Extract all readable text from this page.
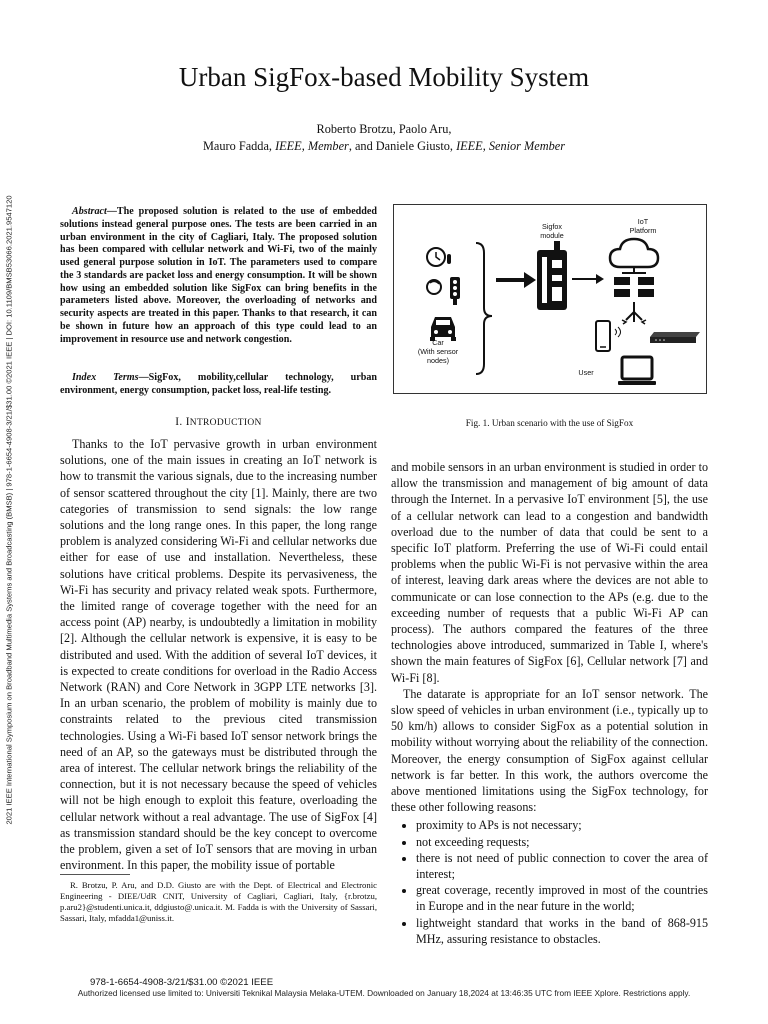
2021 IEEE International Symposium on Broadband Multimedia Systems and Broadcasting (BMSB) | 978-1-6654-4908-3/21/$31.00 ©2021 IEEE | DOI: 10.1109/BMSB53066.2021.9547120
Urban SigFox-based Mobility System
Roberto Brotzu, Paolo Aru,
Mauro Fadda, IEEE, Member, and Daniele Giusto, IEEE, Senior Member

Abstract—The proposed solution is related to the use of embedded solutions instead general purpose ones. The tests are been carried in an urban environment in the city of Cagliari, Italy. The proposed solution has been compared with cellular network and Wi-Fi, two of the mainly used general purpose solution in IoT. The parameters used to compare the 3 standards are packet loss and energy consumption. It will be shown how using an embedded solution like SigFox can bring benefits in the parameters listed above. Moreover, the overloading of networks and security aspects are treated in this paper. Thanks to that research, it can be shown in future how an approach of this type could lead to an improvement in resource use and network congestion.

Index Terms—SigFox, mobility,cellular technology, urban environment, energy consumption, packet loss, real-life testing.

I. INTRODUCTION

Thanks to the IoT pervasive growth in urban environment solutions, one of the main issues in creating an IoT network is how to transmit the various signals, due to the increasing number of sensor scattered throughout the city [1]. Mainly, there are two categories of transmission to send signals: the low range solutions and the long range ones. In this paper, the long range problem is analyzed considering Wi-Fi and cellular networks due either for ease of use and installation. Nevertheless, these solutions have critical problems. Despite its pervasiveness, the Wi-Fi has security and privacy related weak spots. Furthermore, the limited range of coverage together with the need for an access point (AP) nearby, is undoubtedly a limitation in mobility [2]. Although the cellular network is expensive, it is easy to be distributed and used. With the addition of several IoT devices, it is expected to create conditions for overload in the Radio Access Network (RAN) and Core Network in 3GPP LTE networks [3]. In an urban scenario, the problem of mobility is mainly due to constraints related to the previous cited transmission technologies. Using a Wi-Fi based IoT sensor network brings the need of an AP, so the gateways must be distributed through the area of interest. The cellular network brings the reliability of the connection, but it is not necessary because the speed of vehicles will not be high enough to exploit this feature, overloading the cellular network without a real advantage. The use of SigFox [4] as transmission standard should be the key concept to overcome the problem, given a set of IoT sensors that are moving in urban environment. In this paper, the mobility issue of portable

R. Brotzu, P. Aru, and D.D. Giusto are with the Dept. of Electrical and Electronic Engineering - DIEE/UdR CNIT, University of Cagliari, Cagliari, Italy, {r.brotzu, p.aru2}@studenti.unica.it, ddgiusto@.unica.it. M. Fadda is with the University of Sassari, Sassari, Italy, mfadda1@uniss.it.
Sigfox
module
IoT
Platform
Car
(With sensor
nodes)
User
Fig. 1. Urban scenario with the use of SigFox

and mobile sensors in an urban environment is studied in order to allow the transmission and management of big amount of data through the Internet. In a pervasive IoT environment [5], the use of a cellular network can lead to a congestion and bandwidth overload due to the number of data that could be sent to a specific IoT platform. Preferring the use of Wi-Fi could entail problems when the public Wi-Fi is not pervasive within the area of interest, leaving dark areas where the devices are not able to communicate or can lose connection to the APs (e.g. due to the exceeding number of requests that a public Wi-Fi AP can process). The authors compared the features of the three technologies above introduced, summarized in Table I, where's shown the main features of SigFox [6], Cellular network [7] and Wi-Fi [8].

The datarate is appropriate for an IoT sensor network. The slow speed of vehicles in urban environment (i.e., typically up to 50 km/h) allows to consider SigFox as a potential solution in mobility without worrying about the reliability of the connection. Moreover, the energy consumption of SigFox against cellular network is far better. In this work, the authors overcome the above mentioned limitations using the SigFox technology, for these other following reasons:

• proximity to APs is not necessary;
• not exceeding requests;
• there is not need of public connection to cover the area of interest;
• great coverage, recently improved in most of the countries in Europe and in the near future in the world;
• lightweight standard that works in the band of 868-915 MHz, assuring resistance to obstacles.
978-1-6654-4908-3/21/$31.00 ©2021 IEEE
Authorized licensed use limited to: Universiti Teknikal Malaysia Melaka-UTEM. Downloaded on January 18,2024 at 13:46:35 UTC from IEEE Xplore. Restrictions apply.
